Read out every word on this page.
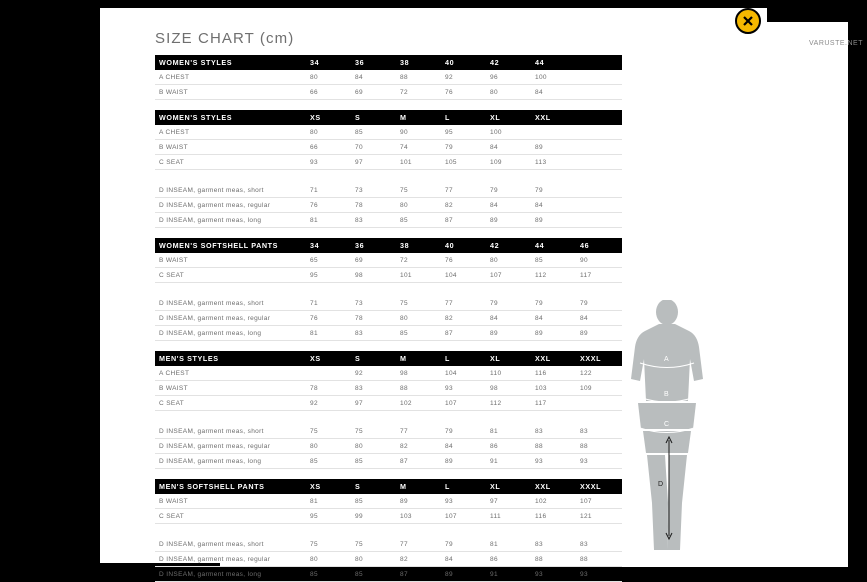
SIZE CHART (cm)
WOMEN'S STYLES	34	36	38	40	42	44	
A CHEST	80	84	88	92	96	100	
B WAIST	66	69	72	76	80	84	
WOMEN'S STYLES	XS	S	M	L	XL	XXL	
A CHEST	80	85	90	95	100		
B WAIST	66	70	74	79	84	89	
C SEAT	93	97	101	105	109	113	

D INSEAM, garment meas, short	71	73	75	77	79	79	
D INSEAM, garment meas, regular	76	78	80	82	84	84	
D INSEAM, garment meas, long	81	83	85	87	89	89	
WOMEN'S SOFTSHELL PANTS	34	36	38	40	42	44	46
B WAIST	65	69	72	76	80	85	90
C SEAT	95	98	101	104	107	112	117

D INSEAM, garment meas, short	71	73	75	77	79	79	79
D INSEAM, garment meas, regular	76	78	80	82	84	84	84
D INSEAM, garment meas, long	81	83	85	87	89	89	89
MEN'S STYLES	XS	S	M	L	XL	XXL	XXXL
A CHEST		92	98	104	110	116	122
B WAIST	78	83	88	93	98	103	109
C SEAT	92	97	102	107	112	117	

D INSEAM, garment meas, short	75	75	77	79	81	83	83
D INSEAM, garment meas, regular	80	80	82	84	86	88	88
D INSEAM, garment meas, long	85	85	87	89	91	93	93
MEN'S SOFTSHELL PANTS	XS	S	M	L	XL	XXL	XXXL
B WAIST	81	85	89	93	97	102	107
C SEAT	95	99	103	107	111	116	121

D INSEAM, garment meas, short	75	75	77	79	81	83	83
D INSEAM, garment meas, regular	80	80	82	84	86	88	88
D INSEAM, garment meas, long	85	85	87	89	91	93	93
A
B
C
D
VARUSTE.NET
